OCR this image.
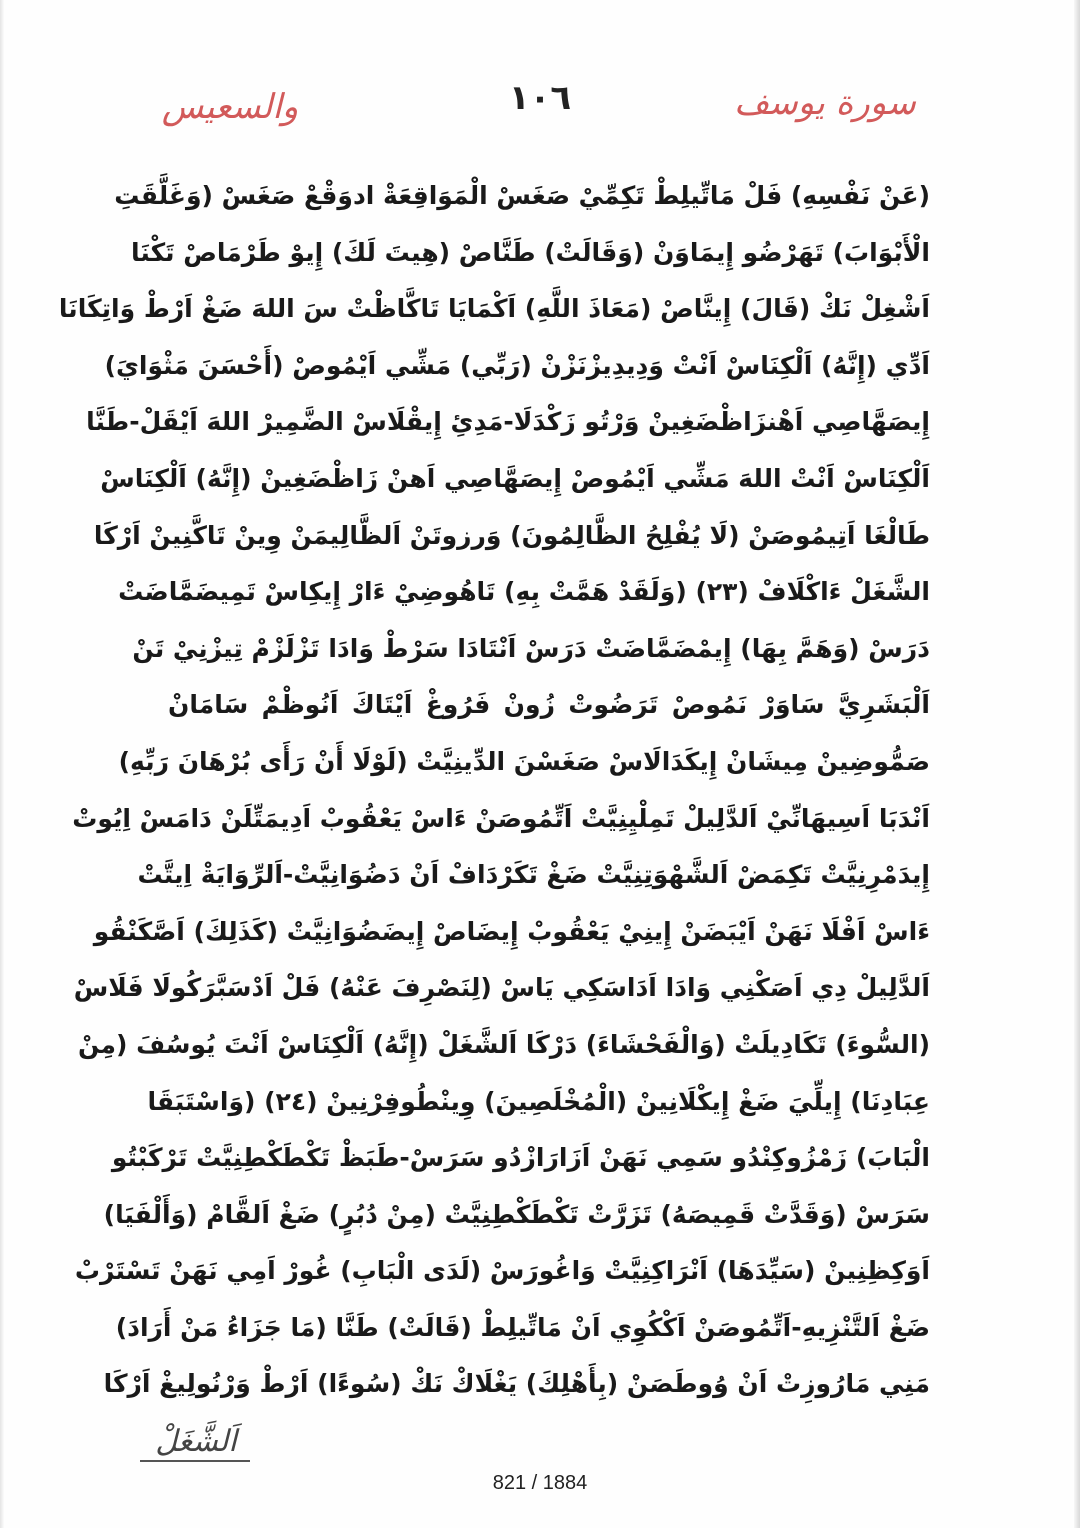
والس‍عيس	١٠٦	سورة يوسف
(عَنْ نَفْسِهِ) فَلْ مَاتِّيلِطْ تَكِمِّيْ صَغَسْ الْمَوَاقِعَةْ ادوَقْعْ صَغَسْ (وَغَلَّقَتِ
الْأَبْوَابَ) تَهَرْضُو إِيمَاوَنْ (وَقَالَتْ) طَنَّاصْ (هِيتَ لَكَ) إِيوْ طَرْمَاصْ تَكْنَا
اَشْغِلْ نَكْ (قَالَ) إِينَّاصْ (مَعَاذَ اللَّهِ) اَكْمَايَا تَاكَّاظْتْ سَ اللهَ ضَغْ اَرْطْ وَاتِكَانَا
اَدِّي (إِنَّهُ) اَلْكِنَاسْ اَنْتْ وَدِيدِيزْنَزْنْ (رَبِّي) مَشِّي اَيْمُوصْ (أَحْسَنَ مَثْوَايَ)
إِيصَهَّاصِي اَهْنزَاظْضَغِينْ وَرْتُو زَكْدَلَا-مَدِئِ إِيقْلَاسْ الضَّمِيرْ اللهَ اَيْقَلْ-طَنَّا
اَلْكِنَاسْ اَنْتْ اللهَ مَشِّي اَيْمُوصْ إِيصَهَّاصِي اَهنْ زَاظْضَغِينْ (إِنَّهُ) اَلْكِنَاسْ
طَالْغَا اَتِيمُوصَنْ (لَا يُفْلِحُ الظَّالِمُونَ) وَرزوتَنْ اَلظَّالِيمَنْ وِينْ تَاكَّنِينْ اَرْكَا
الشَّغَلْ ءَاكْلَافْ (٢٣) (وَلَقَدْ هَمَّتْ بِهِ) تَاهُوضِيْ ءَارْ إِيكِاسْ تَمِيضَمَّاضَتْ
دَرَسْ (وَهَمَّ بِهَا) إِيمْضَمَّاضَتْ دَرَسْ اَنْتَادَا سَرْطْ وَادَا تَزْلَزْمْ تِيزْنِيْ تَنْ
اَلْبَشَرِيَّ سَاوَرْ نَمُوصْ تَرَضُوتْ زُونْ فَرُوغْ اَيْتَاكَ اَنُوظْمْ سَامَانْ
صَمُّوضِينْ مِيشَانْ إِيكَدَالَاسْ صَغَسْنَ الدِّينِيَّتْ (لَوْلَا أَنْ رَأَى بُرْهَانَ رَبِّهِ)
اَنْدَبَا اَسِيهَانِّيْ اَلدَّلِيلْ تَمِلْيِنِيَّتْ اَتِّمُوصَنْ ءَاسْ يَعْقُوبْ اَدِيمَتِّلَنْ دَامَسْ اِيُوتْ
إِيدَمْرِنِيَّتْ تَكِمَضْ اَلشَّهْوَتِنِيَّتْ ضَغْ تَكَرْدَافْ اَنْ دَضُوَانِيَّتْ-اَلرِّوَايَةْ اِيتَّتْ
ءَاسْ اَفْلَا نَهَنْ اَيْبَضَنْ إِينِيْ يَعْقُوبْ إِيضَاصْ إِيضَضُوَانِيَّتْ (كَذَلِكَ) اَصَّكَنْقُو
اَلدَّلِيلْ دِي اَصَكْنِي وَادَا اَدَاسَكِي يَاسْ (لِنَصْرِفَ عَنْهُ) فَلْ اَدْسَبَّرَكُولَا فَلَاسْ
(السُّوءَ) تَكَادِيلَتْ (وَالْفَحْشَاءَ) دَرْكَا اَلشَّغَلْ (إِنَّهُ) اَلْكِنَاسْ اَنْتَ يُوسُفَ (مِنْ
عِبَادِنَا) إِيلِّيَ ضَغْ إِيكْلَانِينْ (الْمُخْلَصِينَ) وِينْطُوفِرْنِينْ (٢٤) (وَاسْتَبَقَا
الْبَابَ) زَمْزُوكِنْدُو سَمِي نَهَنْ اَزَارَازْدُو سَرَسْ-طَبَظْ تَكْطَكْطِنِيَّتْ تَرْكَبْتُو
سَرَسْ (وَقَدَّتْ قَمِيصَهُ) تَزَرَّتْ تَكْطَكْطِنِيَّتْ (مِنْ دُبُرٍ) ضَغْ اَلقَّامْ (وَأَلْفَيَا)
اَوَكِظِنِينْ (سَيِّدَهَا) اَنْرَاكِنِيَّتْ وَاغُورَسْ (لَدَى الْبَابِ) غُورْ اَمِي نَهَنْ تَسْتَرْبْ
ضَغْ اَلتَّنْزِيهِ-اَتِّمُوصَنْ اَكْكُوِي اَنْ مَاتِّيلِطْ (قَالَتْ) طَنَّا (مَا جَزَاءُ مَنْ أَرَادَ)
مَنِي مَارُوزِتْ اَنْ وُوطَصَنْ (بِأَهْلِكَ) يَغْلَاكْ نَكْ (سُوءًا) اَرْطْ وَرْنُولِيغْ اَرْكَا
اَلشَّغَلْ
821 / 1884
